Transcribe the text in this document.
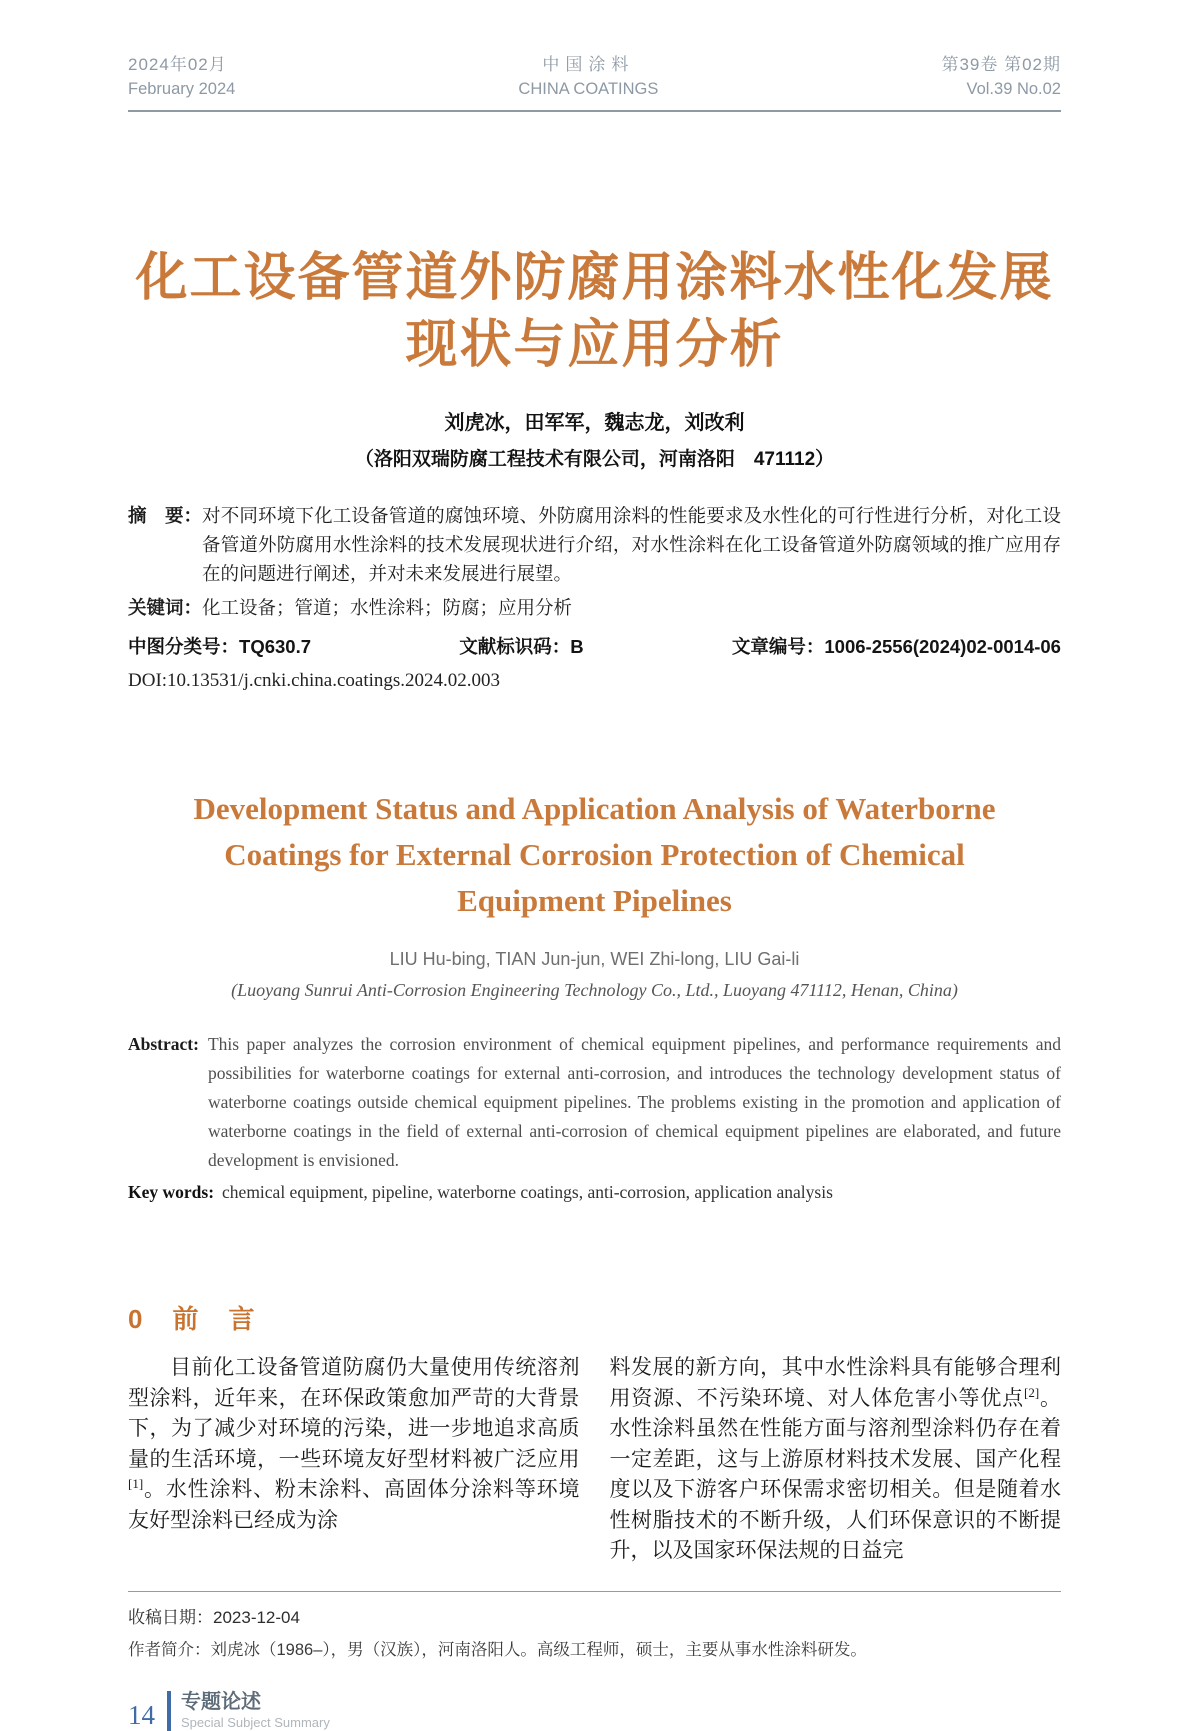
2024年02月
February 2024
中国涂料
CHINA COATINGS
第39卷 第02期
Vol.39 No.02
化工设备管道外防腐用涂料水性化发展
现状与应用分析
刘虎冰，田军军，魏志龙，刘改利
（洛阳双瑞防腐工程技术有限公司，河南洛阳　471112）
摘　要： 对不同环境下化工设备管道的腐蚀环境、外防腐用涂料的性能要求及水性化的可行性进行分析，对化工设备管道外防腐用水性涂料的技术发展现状进行介绍，对水性涂料在化工设备管道外防腐领域的推广应用存在的问题进行阐述，并对未来发展进行展望。

关键词： 化工设备；管道；水性涂料；防腐；应用分析

中图分类号：TQ630.7	文献标识码：B	文章编号：1006-2556(2024)02-0014-06
DOI:10.13531/j.cnki.china.coatings.2024.02.003
Development Status and Application Analysis of Waterborne
Coatings for External Corrosion Protection of Chemical
Equipment Pipelines
LIU Hu-bing, TIAN Jun-jun, WEI Zhi-long, LIU Gai-li
(Luoyang Sunrui Anti-Corrosion Engineering Technology Co., Ltd., Luoyang 471112, Henan, China)
Abstract: This paper analyzes the corrosion environment of chemical equipment pipelines, and performance requirements and possibilities for waterborne coatings for external anti-corrosion, and introduces the technology development status of waterborne coatings outside chemical equipment pipelines. The problems existing in the promotion and application of waterborne coatings in the field of external anti-corrosion of chemical equipment pipelines are elaborated, and future development is envisioned.

Key words: chemical equipment, pipeline, waterborne coatings, anti-corrosion, application analysis

0　前　言

目前化工设备管道防腐仍大量使用传统溶剂型涂料，近年来，在环保政策愈加严苛的大背景下，为了减少对环境的污染，进一步地追求高质量的生活环境，一些环境友好型材料被广泛应用[1]。水性涂料、粉末涂料、高固体分涂料等环境友好型涂料已经成为涂

料发展的新方向，其中水性涂料具有能够合理利用资源、不污染环境、对人体危害小等优点[2]。水性涂料虽然在性能方面与溶剂型涂料仍存在着一定差距，这与上游原材料技术发展、国产化程度以及下游客户环保需求密切相关。但是随着水性树脂技术的不断升级，人们环保意识的不断提升，以及国家环保法规的日益完

收稿日期：2023-12-04
作者简介：刘虎冰（1986–），男（汉族），河南洛阳人。高级工程师，硕士，主要从事水性涂料研发。
14	专题论述
Special Subject Summary
